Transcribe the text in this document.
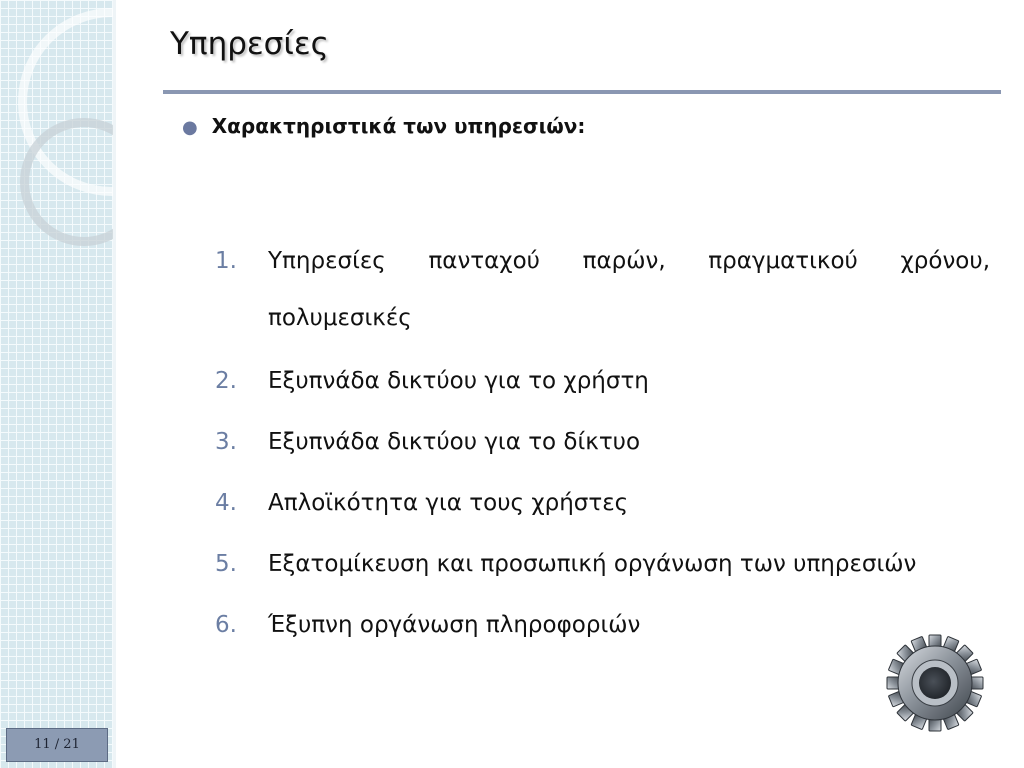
11 / 21
Υπηρεσίες
● Χαρακτηριστικά των υπηρεσιών:
1. Υπηρεσίες πανταχού παρών, πραγματικού χρόνου, πολυμεσικές
2. Εξυπνάδα δικτύου για το χρήστη
3. Εξυπνάδα δικτύου για το δίκτυο
4. Απλοϊκότητα για τους χρήστες
5. Εξατομίκευση και προσωπική οργάνωση των υπηρεσιών
6. Έξυπνη οργάνωση πληροφοριών
